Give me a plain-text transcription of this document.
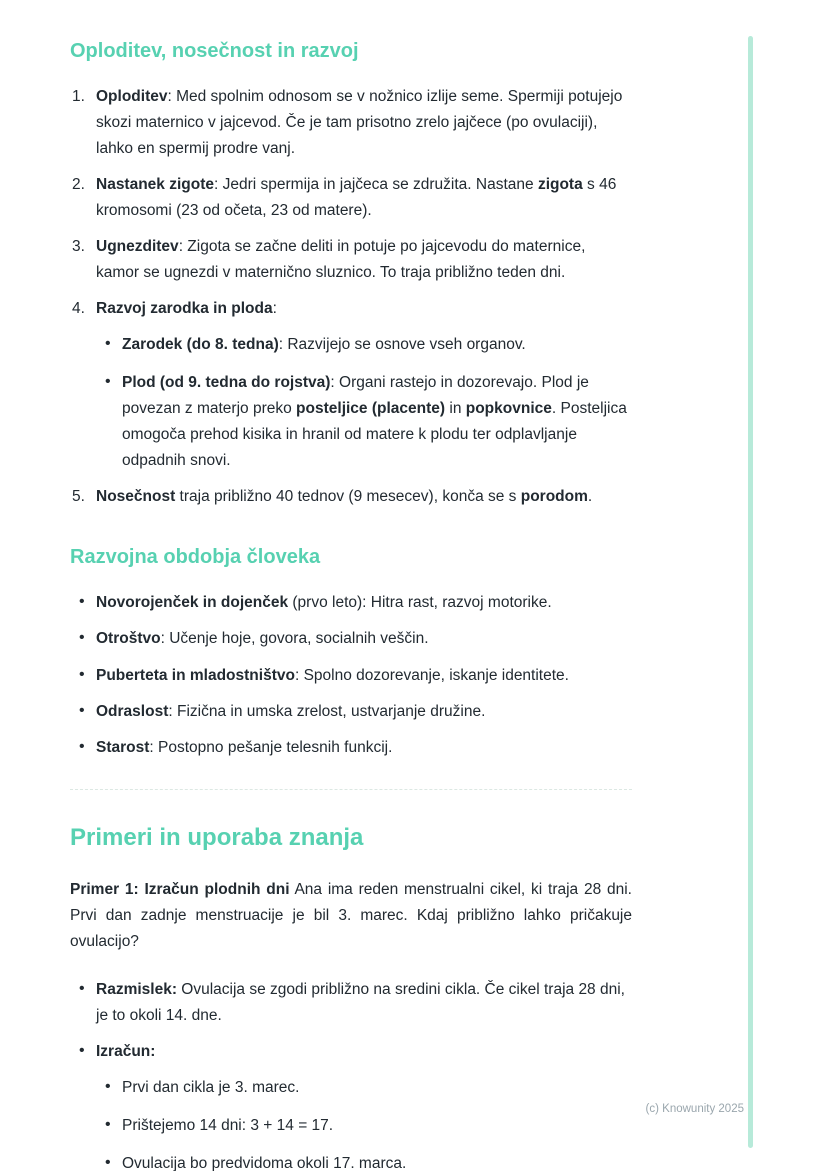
Oploditev, nosečnost in razvoj
Oploditev: Med spolnim odnosom se v nožnico izlije seme. Spermiji potujejo skozi maternico v jajcevod. Če je tam prisotno zrelo jajčece (po ovulaciji), lahko en spermij prodre vanj.
Nastanek zigote: Jedri spermija in jajčeca se združita. Nastane zigota s 46 kromosomi (23 od očeta, 23 od matere).
Ugnezditev: Zigota se začne deliti in potuje po jajcevodu do maternice, kamor se ugnezdi v maternično sluznico. To traja približno teden dni.
Razvoj zarodka in ploda:
• Zarodek (do 8. tedna): Razvijejo se osnove vseh organov.
• Plod (od 9. tedna do rojstva): Organi rastejo in dozorevajo. Plod je povezan z materjo preko posteljice (placente) in popkovnice. Posteljica omogoča prehod kisika in hranil od matere k plodu ter odplavljanje odpadnih snovi.
Nosečnost traja približno 40 tednov (9 mesecev), konča se s porodom.
Razvojna obdobja človeka
• Novorojenček in dojenček (prvo leto): Hitra rast, razvoj motorike.
• Otroštvo: Učenje hoje, govora, socialnih veščin.
• Puberteta in mladostništvo: Spolno dozorevanje, iskanje identitete.
• Odraslost: Fizična in umska zrelost, ustvarjanje družine.
• Starost: Postopno pešanje telesnih funkcij.
Primeri in uporaba znanja

Primer 1: Izračun plodnih dni Ana ima reden menstrualni cikel, ki traja 28 dni. Prvi dan zadnje menstruacije je bil 3. marec. Kdaj približno lahko pričakuje ovulacijo?

• Razmislek: Ovulacija se zgodi približno na sredini cikla. Če cikel traja 28 dni, je to okoli 14. dne.
• Izračun:
• Prvi dan cikla je 3. marec.
• Prištejemo 14 dni: 3 + 14 = 17.
• Ovulacija bo predvidoma okoli 17. marca.
(c) Knowunity 2025
